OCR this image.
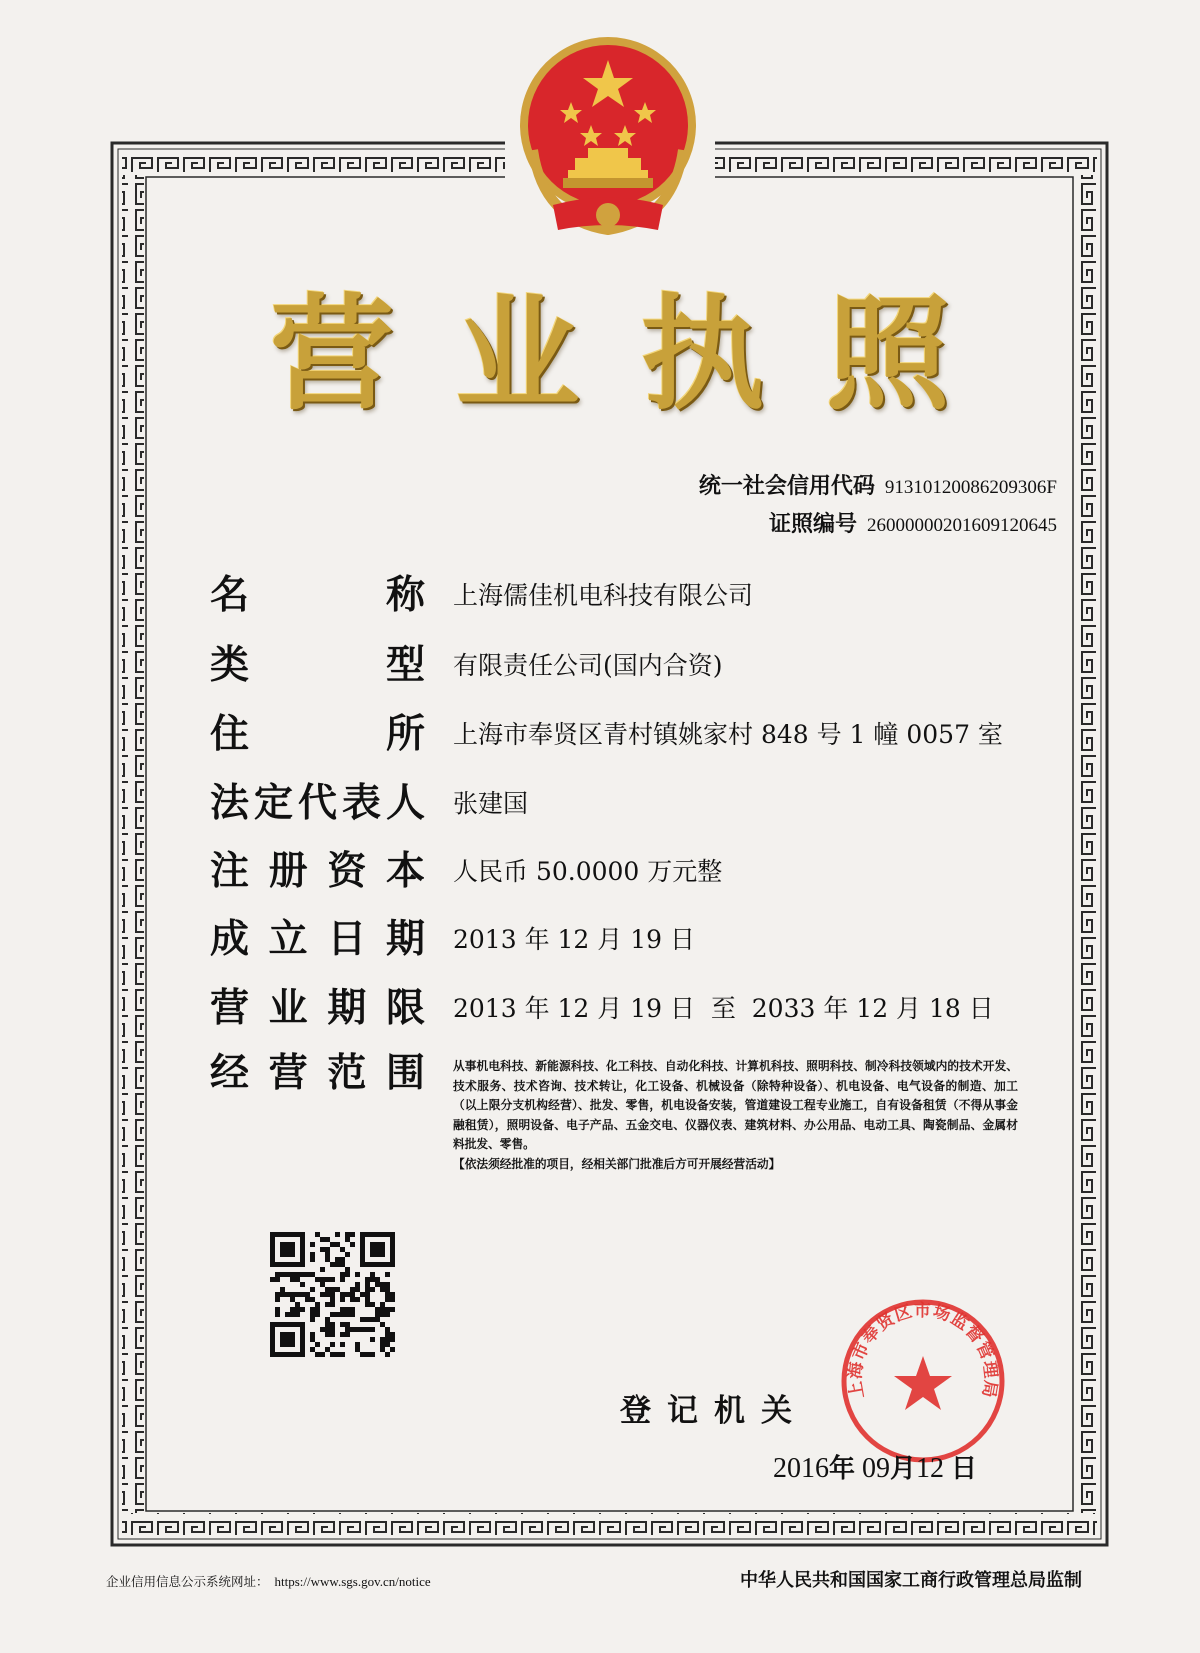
营 业 执 照
统一社会信用代码 91310120086209306F
证照编号 26000000201609120645
名	称 上海儒佳机电科技有限公司
类	型 有限责任公司(国内合资)
住	所 上海市奉贤区青村镇姚家村 848 号 1 幢 0057 室
法 定 代 表 人 张建国
注 册 资 本 人民币 50.0000 万元整
成 立 日 期 2013 年 12 月 19 日
营 业 期 限 2013 年 12 月 19 日  至  2033 年 12 月 18 日
经 营 范 围 从事机电科技、新能源科技、化工科技、自动化科技、计算机科技、照明科技、制冷科技领域内的技术开发、技术服务、技术咨询、技术转让，化工设备、机械设备（除特种设备）、机电设备、电气设备的制造、加工（以上限分支机构经营）、批发、零售，机电设备安装，管道建设工程专业施工，自有设备租赁（不得从事金融租赁），照明设备、电子产品、五金交电、仪器仪表、建筑材料、办公用品、电动工具、陶瓷制品、金属材料批发、零售。
【依法须经批准的项目，经相关部门批准后方可开展经营活动】
登记机关
上海市奉贤区市场监督管理局
2016年 09月12 日
企业信用信息公示系统网址： https://www.sgs.gov.cn/notice	中华人民共和国国家工商行政管理总局监制
